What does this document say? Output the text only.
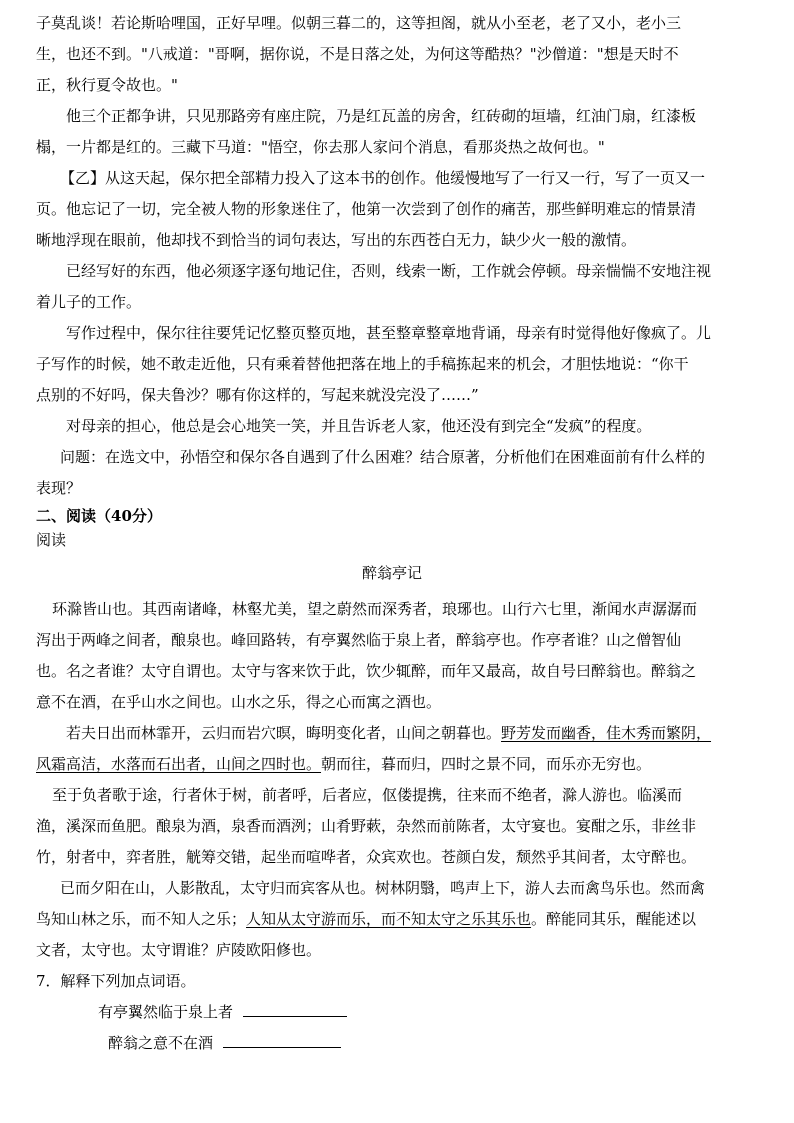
子莫乱谈！若论斯哈哩国，正好早哩。似朝三暮二的，这等担阁，就从小至老，老了又小，老小三
生，也还不到。"八戒道："哥啊，据你说，不是日落之处，为何这等酷热？"沙僧道："想是天时不
正，秋行夏令故也。"
他三个正都争讲，只见那路旁有座庄院，乃是红瓦盖的房舍，红砖砌的垣墙，红油门扇，红漆板
榻，一片都是红的。三藏下马道："悟空，你去那人家问个消息，看那炎热之故何也。"
【乙】从这天起，保尔把全部精力投入了这本书的创作。他缓慢地写了一行又一行，写了一页又一
页。他忘记了一切，完全被人物的形象迷住了，他第一次尝到了创作的痛苦，那些鲜明难忘的情景清
晰地浮现在眼前，他却找不到恰当的词句表达，写出的东西苍白无力，缺少火一般的激情。
已经写好的东西，他必须逐字逐句地记住，否则，线索一断，工作就会停顿。母亲惴惴不安地注视
着儿子的工作。
写作过程中，保尔往往要凭记忆整页整页地，甚至整章整章地背诵，母亲有时觉得他好像疯了。儿
子写作的时候，她不敢走近他，只有乘着替他把落在地上的手稿拣起来的机会，才胆怯地说：“你干
点别的不好吗，保夫鲁沙？哪有你这样的，写起来就没完没了……”
对母亲的担心，他总是会心地笑一笑，并且告诉老人家，他还没有到完全“发疯”的程度。
问题：在选文中，孙悟空和保尔各自遇到了什么困难？结合原著，分析他们在困难面前有什么样的
表现？
二、阅读（40分）
阅读
醉翁亭记
环滁皆山也。其西南诸峰，林壑尤美，望之蔚然而深秀者，琅琊也。山行六七里，渐闻水声潺潺而
泻出于两峰之间者，酿泉也。峰回路转，有亭翼然临于泉上者，醉翁亭也。作亭者谁？山之僧智仙
也。名之者谁？太守自谓也。太守与客来饮于此，饮少辄醉，而年又最高，故自号曰醉翁也。醉翁之
意不在酒，在乎山水之间也。山水之乐，得之心而寓之酒也。
若夫日出而林霏开，云归而岩穴暝，晦明变化者，山间之朝暮也。野芳发而幽香，佳木秀而繁阴，
风霜高洁，水落而石出者，山间之四时也。朝而往，暮而归，四时之景不同，而乐亦无穷也。
至于负者歌于途，行者休于树，前者呼，后者应，伛偻提携，往来而不绝者，滁人游也。临溪而
渔，溪深而鱼肥。酿泉为酒，泉香而酒洌；山肴野蔌，杂然而前陈者，太守宴也。宴酣之乐，非丝非
竹，射者中，弈者胜，觥筹交错，起坐而喧哗者，众宾欢也。苍颜白发，颓然乎其间者，太守醉也。
已而夕阳在山，人影散乱，太守归而宾客从也。树林阴翳，鸣声上下，游人去而禽鸟乐也。然而禽
鸟知山林之乐，而不知人之乐；人知从太守游而乐，而不知太守之乐其乐也。醉能同其乐，醒能述以
文者，太守也。太守谓谁？庐陵欧阳修也。
7．解释下列加点词语。
有亭翼然临于泉上者
醉翁之意不在酒
